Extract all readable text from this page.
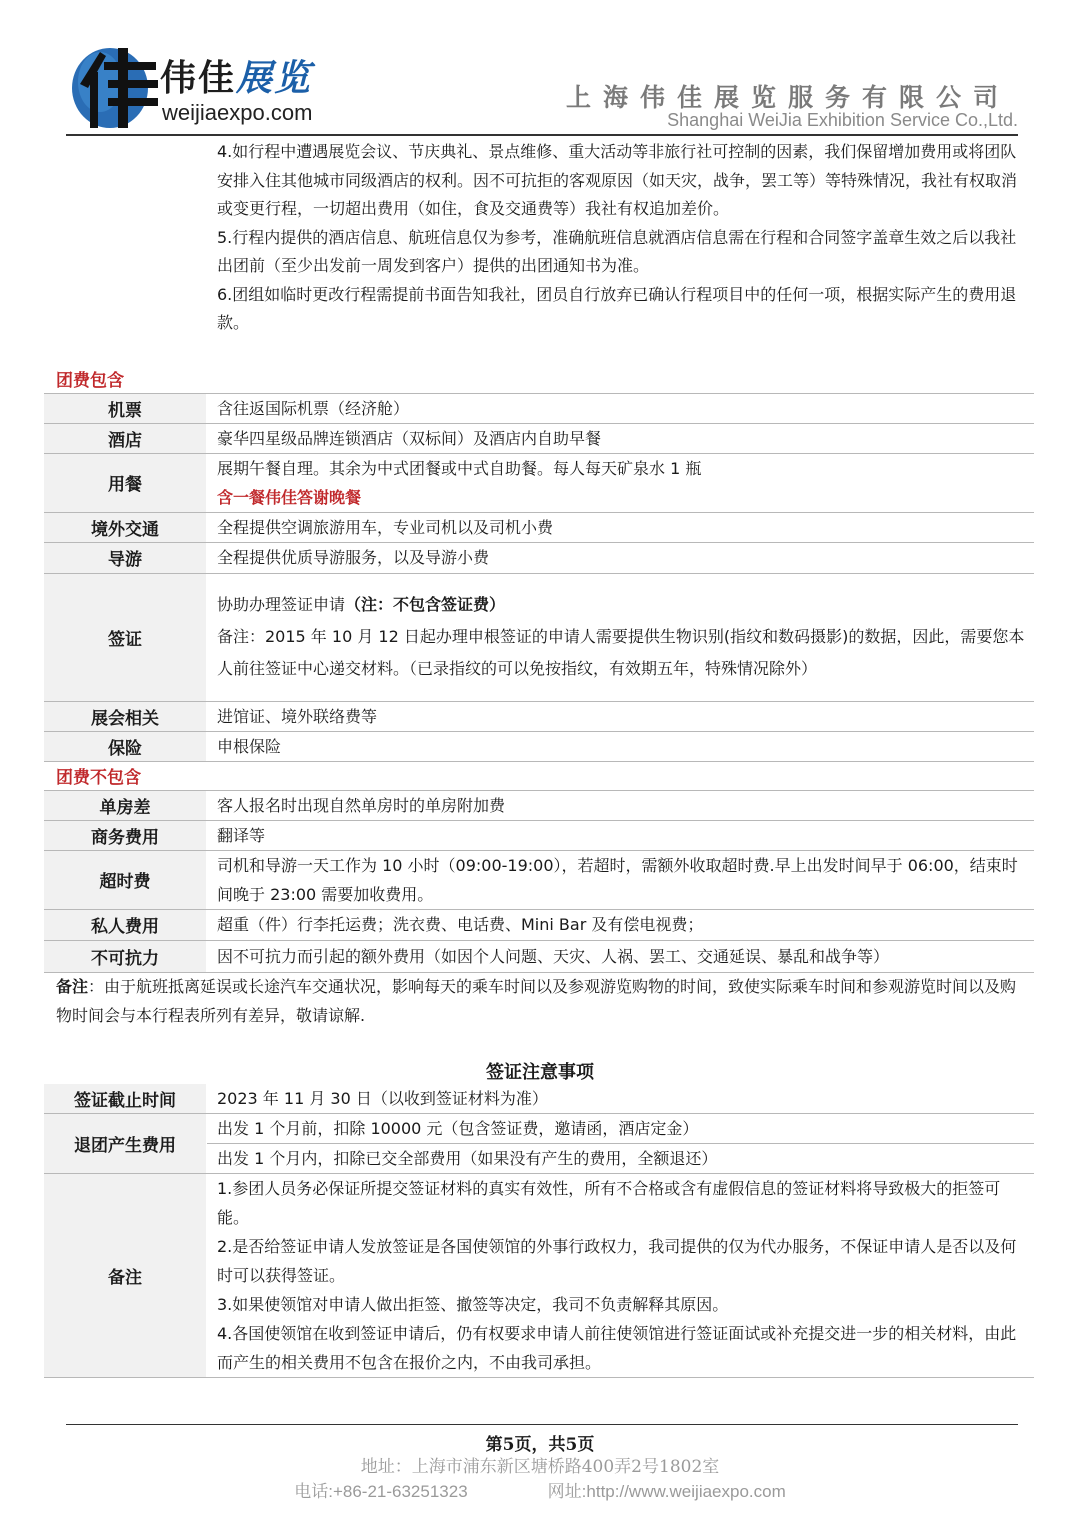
伟佳展览
weijiaexpo.com
上海伟佳展览服务有限公司
Shanghai WeiJia Exhibition Service Co.,Ltd.

4.如行程中遭遇展览会议、节庆典礼、景点维修、重大活动等非旅行社可控制的因素，我们保留增加费用或将团队安排入住其他城市同级酒店的权利。因不可抗拒的客观原因（如天灾，战争，罢工等）等特殊情况，我社有权取消或变更行程，一切超出费用（如住，食及交通费等）我社有权追加差价。

5.行程内提供的酒店信息、航班信息仅为参考，准确航班信息就酒店信息需在行程和合同签字盖章生效之后以我社出团前（至少出发前一周发到客户）提供的出团通知书为准。

6.团组如临时更改行程需提前书面告知我社，团员自行放弃已确认行程项目中的任何一项，根据实际产生的费用退款。

团费包含	
机票	含往返国际机票（经济舱）
酒店	豪华四星级品牌连锁酒店（双标间）及酒店内自助早餐
用餐	展期午餐自理。其余为中式团餐或中式自助餐。每人每天矿泉水 1 瓶
含一餐伟佳答谢晚餐

境外交通	全程提供空调旅游用车，专业司机以及司机小费
导游	全程提供优质导游服务，以及导游小费
签证	协助办理签证申请（注：不包含签证费）
备注：2015 年 10 月 12 日起办理申根签证的申请人需要提供生物识别(指纹和数码摄影)的数据，因此，需要您本人前往签证中心递交材料。（已录指纹的可以免按指纹，有效期五年，特殊情况除外）

展会相关	进馆证、境外联络费等
保险	申根保险
团费不包含	
单房差	客人报名时出现自然单房时的单房附加费
商务费用	翻译等
超时费	司机和导游一天工作为 10 小时（09:00-19:00），若超时，需额外收取超时费.早上出发时间早于 06:00，结束时间晚于 23:00 需要加收费用。
私人费用	超重（件）行李托运费；洗衣费、电话费、Mini Bar 及有偿电视费；
不可抗力	因不可抗力而引起的额外费用（如因个人问题、天灾、人祸、罢工、交通延误、暴乱和战争等）
备注：由于航班抵离延误或长途汽车交通状况，影响每天的乘车时间以及参观游览购物的时间，致使实际乘车时间和参观游览时间以及购物时间会与本行程表所列有差异，敬请谅解.
签证注意事项
签证截止时间	2023 年 11 月 30 日（以收到签证材料为准）
退团产生费用	出发 1 个月前，扣除 10000 元（包含签证费，邀请函，酒店定金）
	出发 1 个月内，扣除已交全部费用（如果没有产生的费用，全额退还）
备注	1.参团人员务必保证所提交签证材料的真实有效性，所有不合格或含有虚假信息的签证材料将导致极大的拒签可能。
2.是否给签证申请人发放签证是各国使领馆的外事行政权力，我司提供的仅为代办服务，不保证申请人是否以及何时可以获得签证。
3.如果使领馆对申请人做出拒签、撤签等决定，我司不负责解释其原因。
4.各国使领馆在收到签证申请后，仍有权要求申请人前往使领馆进行签证面试或补充提交进一步的相关材料，由此而产生的相关费用不包含在报价之内，不由我司承担。
第5页，共5页
地址：上海市浦东新区塘桥路400弄2号1802室
电话:+86-21-63251323	网址:http://www.weijiaexpo.com
